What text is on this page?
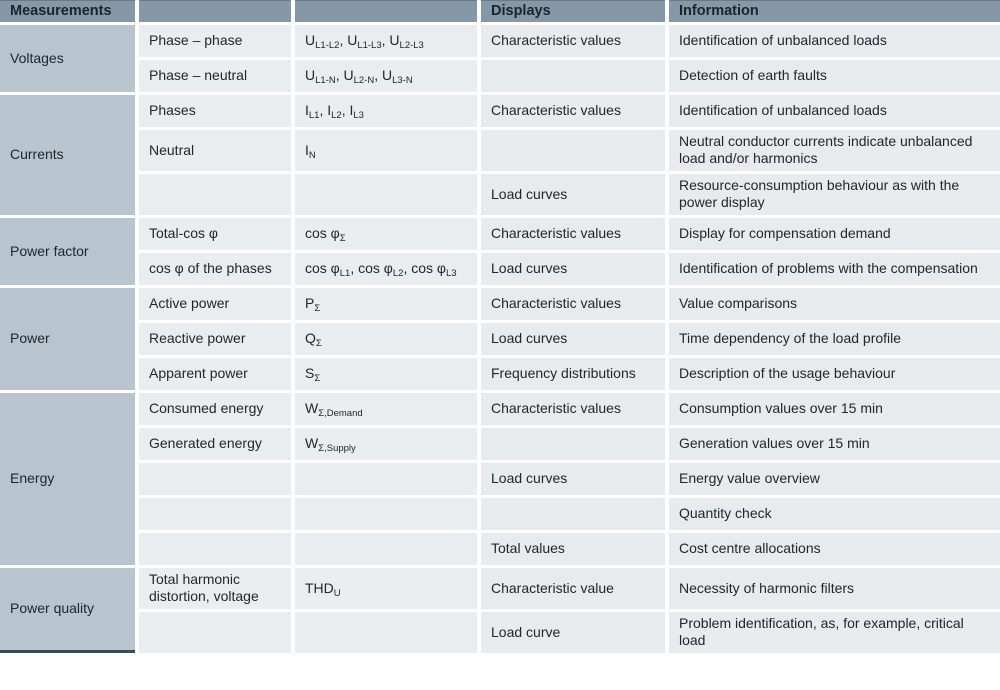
Measurements			Displays	Information
Voltages	Phase – phase	$U_{L1-L2}$, $U_{L1-L3}$, $U_{L2-L3}$	Characteristic values	Identification of unbalanced loads
	Phase – neutral	$U_{L1-N}$, $U_{L2-N}$, $U_{L3-N}$		Detection of earth faults
Currents	Phases	$I_{L1}$, $I_{L2}$, $I_{L3}$	Characteristic values	Identification of unbalanced loads
	Neutral	$I_N$		Neutral conductor currents indicate unbalanced load and/or harmonics
			Load curves	Resource-consumption behaviour as with the power display
Power factor	Total-cos φ	$\cos \varphi_\Sigma$	Characteristic values	Display for compensation demand
	cos φ of the phases	$\cos \varphi_{L1}$, $\cos \varphi_{L2}$, $\cos \varphi_{L3}$	Load curves	Identification of problems with the compensation
Power	Active power	$P_\Sigma$	Characteristic values	Value comparisons
	Reactive power	$Q_\Sigma$	Load curves	Time dependency of the load profile
	Apparent power	$S_\Sigma$	Frequency distributions	Description of the usage behaviour
Energy	Consumed energy	$W_{\Sigma,Demand}$	Characteristic values	Consumption values over 15 min
	Generated energy	$W_{\Sigma,Supply}$		Generation values over 15 min
			Load curves	Energy value overview
				Quantity check
			Total values	Cost centre allocations
Power quality	Total harmonic distortion, voltage	$THD_U$	Characteristic value	Necessity of harmonic filters
			Load curve	Problem identification, as, for example, critical load
